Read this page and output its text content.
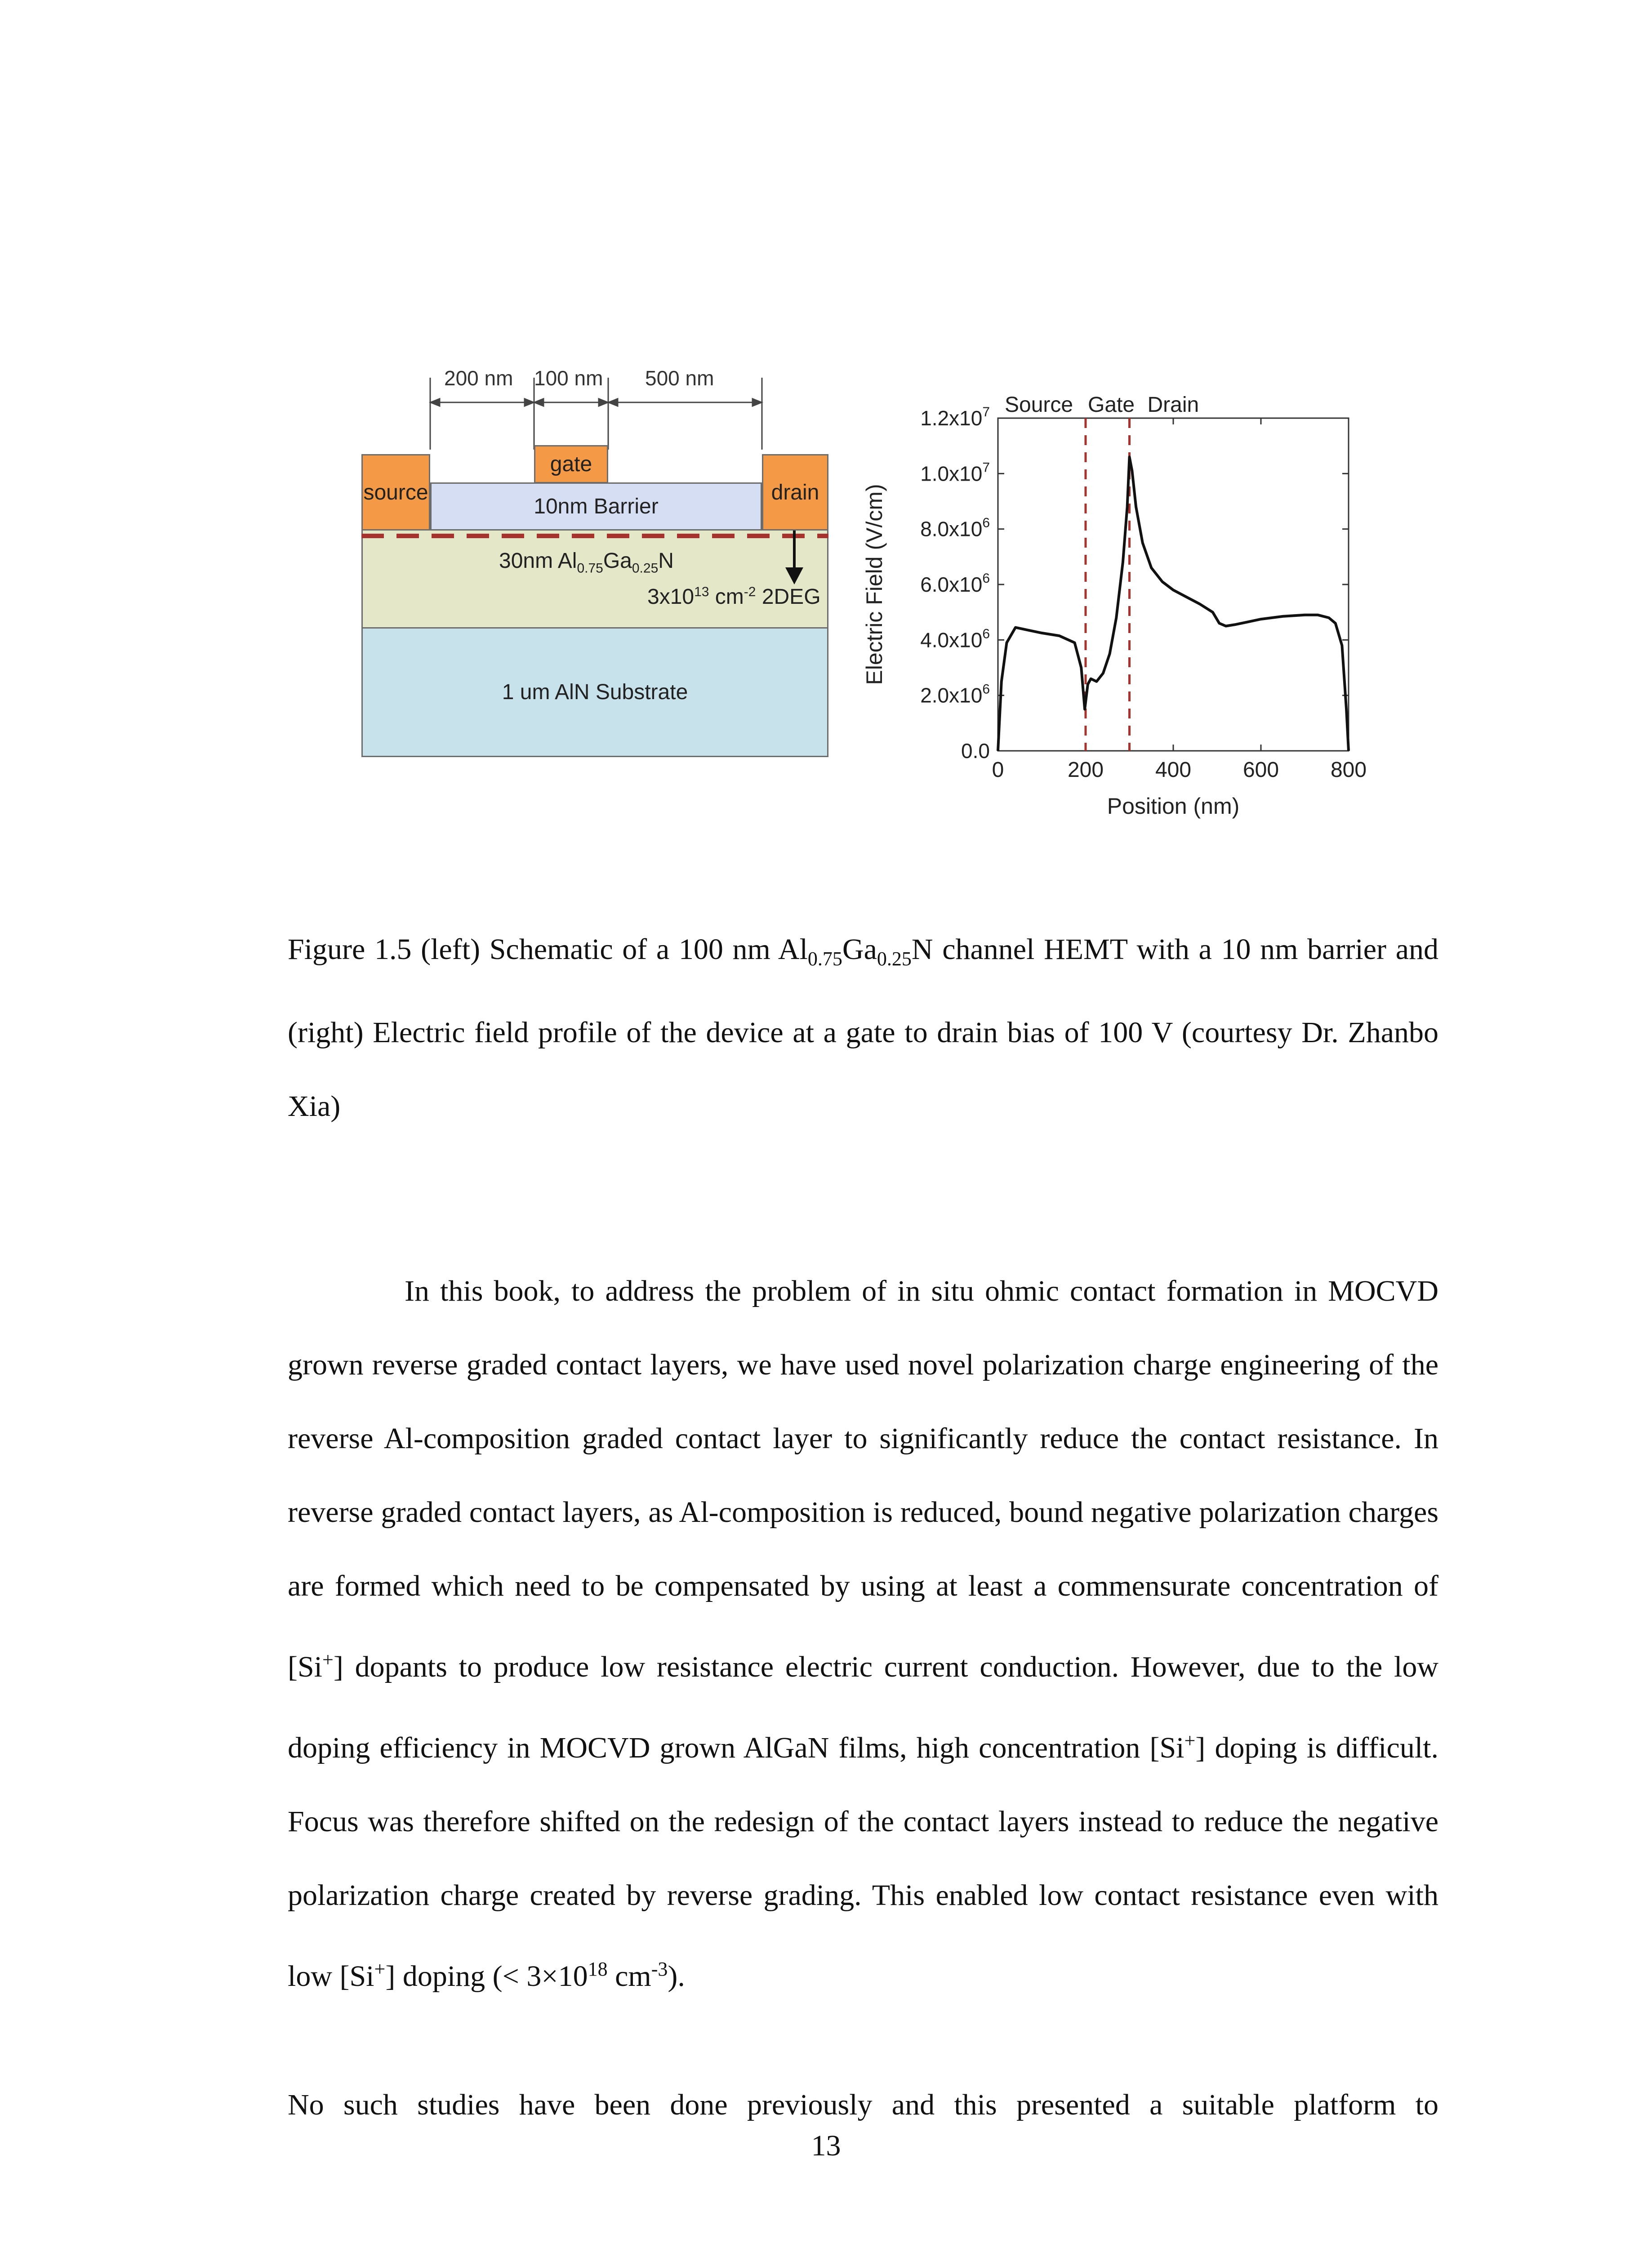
200 nm 100 nm 500 nm
1 um AlN Substrate
10nm Barrier
source	drain
gate
30nm $Al_{0.75}Ga_{0.25}N$
$3x10^{13}$ $cm^{-2}$ 2DEG
0	200 400 600 800
0.0
$2.0x10^6$
$4.0x10^6$
$6.0x10^6$
$8.0x10^6$
$1.0x10^7$
$1.2x10^7$ Source Gate Drain
Position (nm)
Electric Field (V/cm)

Figure 1.5 (left) Schematic of a 100 nm $Al_{0.75}Ga_{0.25}N$ channel HEMT with a 10 nm barrier and (right) Electric field profile of the device at a gate to drain bias of 100 V (courtesy Dr. Zhanbo Xia)

In this book, to address the problem of in situ ohmic contact formation in MOCVD grown reverse graded contact layers, we have used novel polarization charge engineering of the reverse Al-composition graded contact layer to significantly reduce the contact resistance. In reverse graded contact layers, as Al-composition is reduced, bound negative polarization charges are formed which need to be compensated by using at least a commensurate concentration of [Si+] dopants to produce low resistance electric current conduction. However, due to the low doping efficiency in MOCVD grown AlGaN films, high concentration [Si+] doping is difficult. Focus was therefore shifted on the redesign of the contact layers instead to reduce the negative polarization charge created by reverse grading. This enabled low contact resistance even with low [Si+] doping (< $3\times 10^{18}$ $cm^{-3}$).

No such studies have been done previously and this presented a suitable platform to

13
